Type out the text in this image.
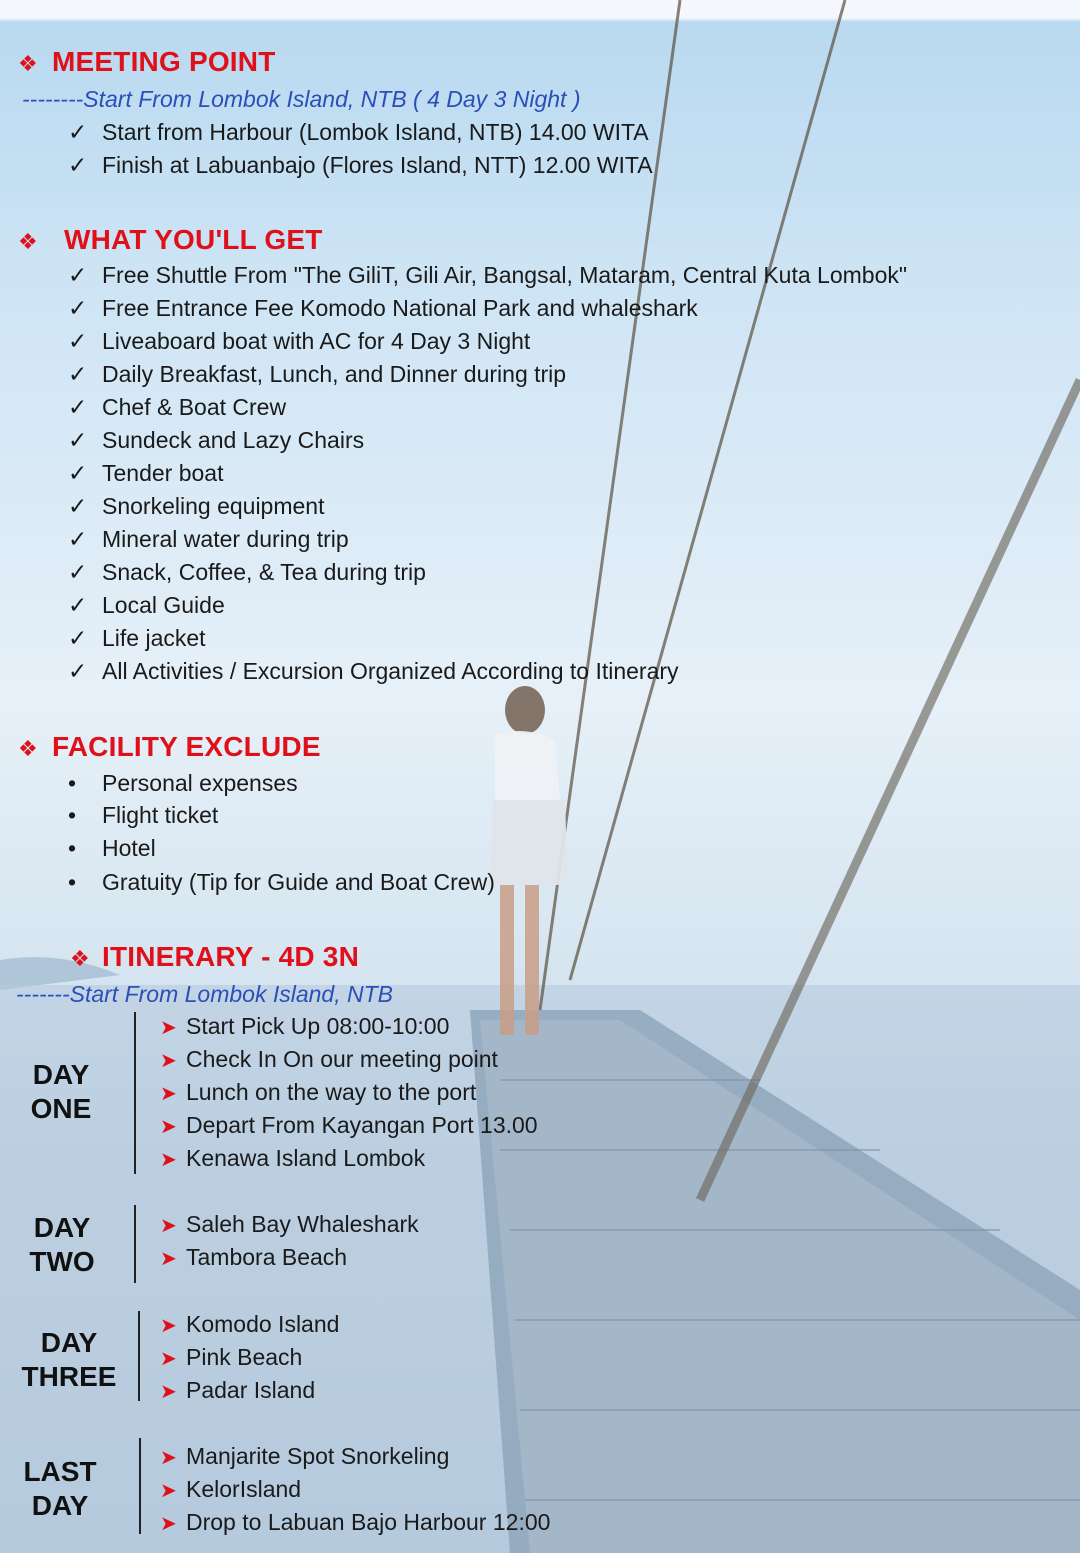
❖ MEETING POINT
--------Start From Lombok Island, NTB ( 4 Day 3 Night )
✓ Start from Harbour (Lombok Island, NTB) 14.00 WITA
✓ Finish at Labuanbajo (Flores Island, NTT) 12.00 WITA
❖ WHAT YOU'LL GET
✓ Free Shuttle From "The GiliT, Gili Air, Bangsal, Mataram, Central Kuta Lombok"
✓ Free Entrance Fee Komodo National Park and whaleshark
✓ Liveaboard boat with AC for 4 Day 3 Night
✓ Daily Breakfast, Lunch, and Dinner during trip
✓ Chef & Boat Crew
✓ Sundeck and Lazy Chairs
✓ Tender boat
✓ Snorkeling equipment
✓ Mineral water during trip
✓ Snack, Coffee, & Tea during trip
✓ Local Guide
✓ Life jacket
✓ All Activities / Excursion Organized According to Itinerary
❖ FACILITY EXCLUDE
• Personal expenses
• Flight ticket
• Hotel
• Gratuity (Tip for Guide and Boat Crew)
❖ ITINERARY - 4D 3N
-------Start From Lombok Island, NTB
DAY
ONE
➤ Start Pick Up 08:00-10:00
➤ Check In On our meeting point
➤ Lunch on the way to the port
➤ Depart From Kayangan Port 13.00
➤ Kenawa Island Lombok
DAY
TWO
➤ Saleh Bay Whaleshark
➤ Tambora Beach
DAY
THREE
➤ Komodo Island
➤ Pink Beach
➤ Padar Island
LAST
DAY
➤ Manjarite Spot Snorkeling
➤ KelorIsland
➤ Drop to Labuan Bajo Harbour 12:00
